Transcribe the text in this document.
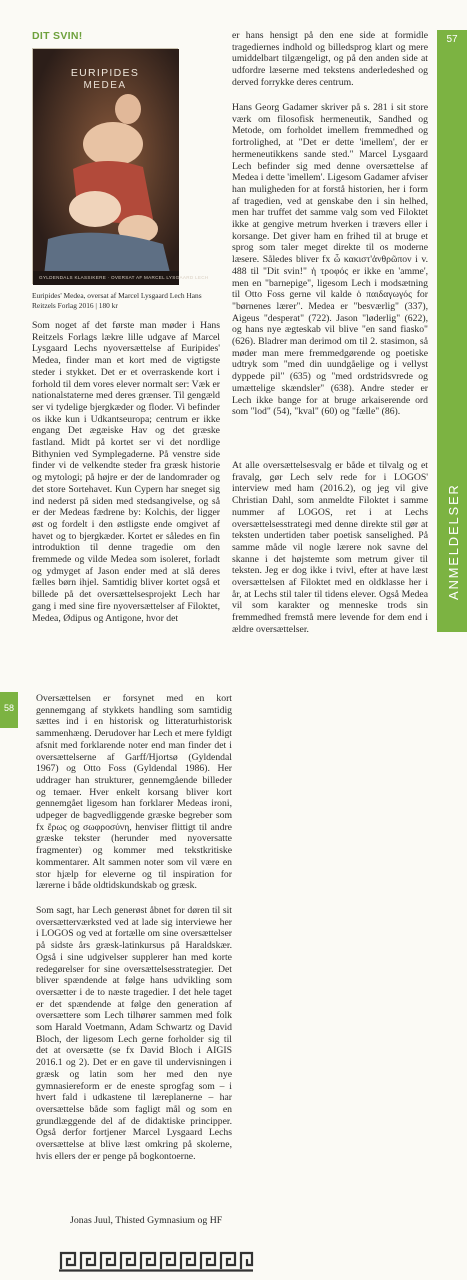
DIT SVIN!
EURIPIDES
MEDEA
GYLDENDALS KLASSIKERE · OVERSAT AF MARCEL LYSGAARD LECH
Euripides' Medea, oversat af Marcel Lysgaard Lech Hans Reitzels Forlag 2016 | 180 kr

Som noget af det første man møder i Hans Reitzels Forlags lækre lille udgave af Marcel Lysgaard Lechs nyoversættelse af Euripides' Medea, finder man et kort med de vigtigste steder i stykket. Det er et overraskende kort i forhold til dem vores elever normalt ser: Væk er nationalstaterne med deres grænser. Til gengæld ser vi tydelige bjergkæder og floder. Vi befinder os ikke kun i Udkantseuropa; centrum er ikke engang Det ægæiske Hav og det græske fastland. Midt på kortet ser vi det nordlige Bithynien ved Symplegaderne. På venstre side finder vi de velkendte steder fra græsk historie og mytologi; på højre er der de landomrader og det store Sortehavet. Kun Cypern har sneget sig ind nederst på siden med stedsangivelse, og så er der Medeas fædrene by: Kolchis, der ligger øst og fordelt i den østligste ende omgivet af havet og to bjergkæder. Kortet er således en fin introduktion til denne tragedie om den fremmede og vilde Medea som isoleret, forladt og ydmyget af Jason ender med at slå deres fælles børn ihjel. Samtidig bliver kortet også et billede på det oversættelsesprojekt Lech har gang i med sine fire nyoversættelser af Filoktet, Medea, Ødipus og Antigone, hvor det

er hans hensigt på den ene side at formidle tragediernes indhold og billedsprog klart og mere umiddelbart tilgængeligt, og på den anden side at udfordre læserne med tekstens anderledeshed og derved forrykke deres centrum.

Hans Georg Gadamer skriver på s. 281 i sit store værk om filosofisk hermeneutik, Sandhed og Metode, om forholdet imellem fremmedhed og fortrolighed, at "Det er dette 'imellem', der er hermeneutikkens sande sted." Marcel Lysgaard Lech befinder sig med denne oversættelse af Medea i dette 'imellem'. Ligesom Gadamer afviser han muligheden for at forstå historien, her i form af tragedien, ved at genskabe den i sin helhed, men har truffet det samme valg som ved Filoktet ikke at gengive metrum hverken i trævers eller i korsange. Det giver ham en frihed til at bruge et sprog som taler meget direkte til os moderne læsere. Således bliver fx ὦ κακιστ'ἀνθρῶπον i v. 488 til "Dit svin!" ἡ τροφός er ikke en 'amme', men en "barnepige", ligesom Lech i modsætning til Otto Foss gerne vil kalde ὁ παιδαγωγός for "børnenes lærer". Medea er "besværlig" (337), Aigeus "desperat" (722). Jason "løderlig" (622), og hans nye ægteskab vil blive "en sand fiasko" (626). Bladrer man derimod om til 2. stasimon, så møder man mere fremmedgørende og poetiske udtryk som "med din uundgåelige og i vellyst dyppede pil" (635) og "med ordstridsvrede og umættelige skændsler" (638). Andre steder er Lech ikke bange for at bruge arkaiserende ord som "lod" (54), "kval" (60) og "fælle" (86).

At alle oversættelsesvalg er både et tilvalg og et fravalg, gør Lech selv rede for i LOGOS' interview med ham (2016.2), og jeg vil give Christian Dahl, som anmeldte Filoktet i samme nummer af LOGOS, ret i at Lechs oversættelsesstrategi med denne direkte stil gør at teksten undertiden taber poetisk sanselighed. På samme måde vil nogle lærere nok savne del skanne i det højstemte som metrum giver til teksten. Jeg er dog ikke i tvivl, efter at have læst oversættelsen af Filoktet med en oldklasse her i år, at Lechs stil taler til tidens elever. Også Medea vil som karakter og menneske trods sin fremmedhed fremstå mere levende for dem end i ældre oversættelser.

57
ANMELDELSER
58

Oversættelsen er forsynet med en kort gennemgang af stykkets handling som samtidig sættes ind i en historisk og litteraturhistorisk sammenhæng. Derudover har Lech et mere fyldigt afsnit med forklarende noter end man finder det i oversættelserne af Garff/Hjortsø (Gyldendal 1967) og Otto Foss (Gyldendal 1986). Her uddrager han strukturer, gennemgående billeder og temaer. Hver enkelt korsang bliver kort gennemgået ligesom han forklarer Medeas ironi, udpeger de bagvedliggende græske begreber som fx ἔρως og σωφροσύνη, henviser flittigt til andre græske tekster (herunder med nyoversatte fragmenter) og kommer med tekstkritiske kommentarer. Alt sammen noter som vil være en stor hjælp for eleverne og til inspiration for lærerne i både oldtidskundskab og græsk.

Som sagt, har Lech generøst åbnet for døren til sit oversætterværksted ved at lade sig interviewe her i LOGOS og ved at fortælle om sine oversættelser på sidste års græsk-latinkursus på Haraldskær. Også i sine udgivelser supplerer han med korte redegørelser for sine oversættelsesstrategier. Det bliver spændende at følge hans udvikling som oversætter i de to næste tragedier. I det hele taget er det spændende at følge den generation af oversættere som Lech tilhører sammen med folk som Harald Voetmann, Adam Schwartz og David Bloch, der ligesom Lech gerne forholder sig til det at oversætte (se fx David Bloch i AIGIS 2016.1 og 2). Det er en gave til undervisningen i græsk og latin som her med den nye gymnasiereform er de eneste sprogfag som – i hvert fald i udkastene til læreplanerne – har oversættelse både som fagligt mål og som en grundlæggende del af de didaktiske principper. Også derfor fortjener Marcel Lysgaard Lechs oversættelse at blive læst omkring på skolerne, hvis ellers der er penge på bogkontoerne.

Jonas Juul, Thisted Gymnasium og HF
